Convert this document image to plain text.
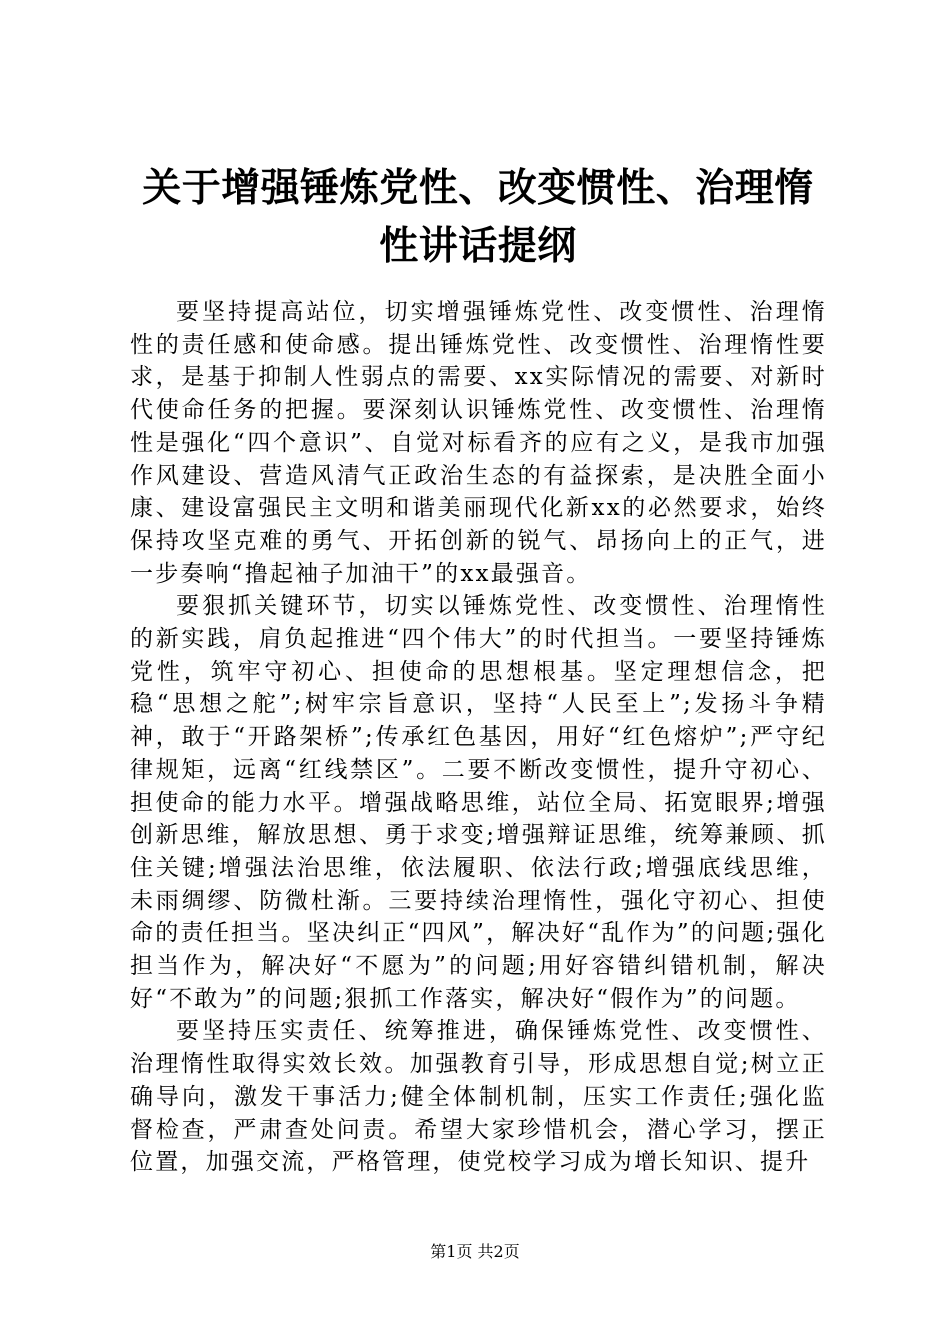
关于增强锤炼党性、改变惯性、治理惰性讲话提纲

要坚持提高站位，切实增强锤炼党性、改变惯性、治理惰性的责任感和使命感。提出锤炼党性、改变惯性、治理惰性要求，是基于抑制人性弱点的需要、xx实际情况的需要、对新时代使命任务的把握。要深刻认识锤炼党性、改变惯性、治理惰性是强化“四个意识”、自觉对标看齐的应有之义，是我市加强作风建设、营造风清气正政治生态的有益探索，是决胜全面小康、建设富强民主文明和谐美丽现代化新xx的必然要求，始终保持攻坚克难的勇气、开拓创新的锐气、昂扬向上的正气，进一步奏响“撸起袖子加油干”的xx最强音。

要狠抓关键环节，切实以锤炼党性、改变惯性、治理惰性的新实践，肩负起推进“四个伟大”的时代担当。一要坚持锤炼党性，筑牢守初心、担使命的思想根基。坚定理想信念，把稳“思想之舵”;树牢宗旨意识，坚持“人民至上”;发扬斗争精神，敢于“开路架桥”;传承红色基因，用好“红色熔炉”;严守纪律规矩，远离“红线禁区”。二要不断改变惯性，提升守初心、担使命的能力水平。增强战略思维，站位全局、拓宽眼界;增强创新思维，解放思想、勇于求变;增强辩证思维，统筹兼顾、抓住关键;增强法治思维，依法履职、依法行政;增强底线思维，未雨绸缪、防微杜渐。三要持续治理惰性，强化守初心、担使命的责任担当。坚决纠正“四风”，解决好“乱作为”的问题;强化担当作为，解决好“不愿为”的问题;用好容错纠错机制，解决好“不敢为”的问题;狠抓工作落实，解决好“假作为”的问题。

要坚持压实责任、统筹推进，确保锤炼党性、改变惯性、治理惰性取得实效长效。加强教育引导，形成思想自觉;树立正确导向，激发干事活力;健全体制机制，压实工作责任;强化监督检查，严肃查处问责。希望大家珍惜机会，潜心学习，摆正位置，加强交流，严格管理，使党校学习成为增长知识、提升

第1页 共2页
